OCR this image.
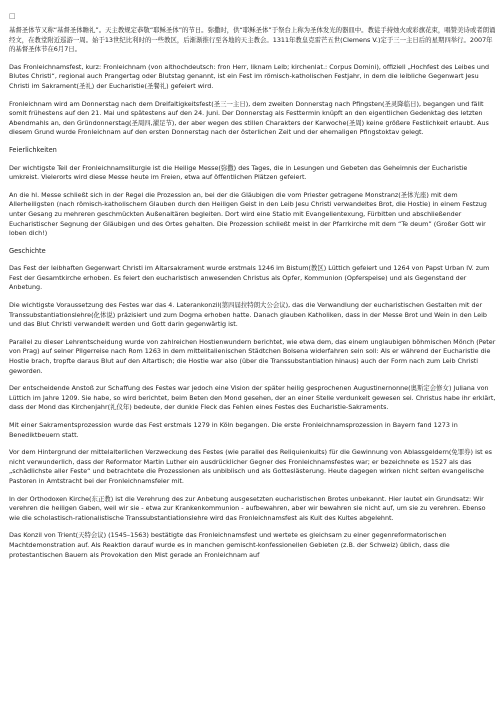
□

基督圣体节又称“基督圣体瞻礼”。天主教规定恭敬“耶稣圣体”的节日。弥撒时，供“耶稣圣体”于祭台上称为圣体发光的器皿中。教徒手持烛火或彩旗花束，唱赞美诗或者朗诵经文，在教堂附近巡游一周。始于13世纪比利时的一些教区，后渐渐推行至各地的天主教会。1311年教皇克雷芒五世(Clemens V.)定于三一主日后的星期四举行。2007年的基督圣体节在6月7日。

Das Fronleichnamsfest, kurz: Fronleichnam (von althochdeutsch: fron Herr, liknam Leib; kirchenlat.: Corpus Domini), offiziell „Hochfest des Leibes und Blutes Christi“, regional auch Prangertag oder Blutstag genannt, ist ein Fest im römisch-katholischen Festjahr, in dem die leibliche Gegenwart Jesu Christi im Sakrament(圣礼) der Eucharistie(圣餐礼) gefeiert wird.

Fronleichnam wird am Donnerstag nach dem Dreifaltigkeitsfest(圣三一主日), dem zweiten Donnerstag nach Pfingsten(圣灵降临日), begangen und fällt somit frühestens auf den 21. Mai und spätestens auf den 24. Juni. Der Donnerstag als Festtermin knüpft an den eigentlichen Gedenktag des letzten Abendmahls an, den Gründonnerstag(圣周四,濯足节), der aber wegen des stillen Charakters der Karwoche(圣周) keine größere Festlichkeit erlaubt. Aus diesem Grund wurde Fronleichnam auf den ersten Donnerstag nach der österlichen Zeit und der ehemaligen Pfingstoktav gelegt.

Feierlichkeiten

Der wichtigste Teil der Fronleichnamsliturgie ist die Heilige Messe(弥撒) des Tages, die in Lesungen und Gebeten das Geheimnis der Eucharistie umkreist. Vielerorts wird diese Messe heute im Freien, etwa auf öffentlichen Plätzen gefeiert.

An die hl. Messe schließt sich in der Regel die Prozession an, bei der die Gläubigen die vom Priester getragene Monstranz(圣体光座) mit dem Allerheiligsten (nach römisch-katholischem Glauben durch den Heiligen Geist in den Leib Jesu Christi verwandeltes Brot, die Hostie) in einem Festzug unter Gesang zu mehreren geschmückten Außenaltären begleiten. Dort wird eine Statio mit Evangelientexung, Fürbitten und abschließender Eucharistischer Segnung der Gläubigen und des Ortes gehalten. Die Prozession schließt meist in der Pfarrkirche mit dem “Te deum” (Großer Gott wir loben dich!)

Geschichte

Das Fest der leibhaften Gegenwart Christi im Altarsakrament wurde erstmals 1246 im Bistum(教区) Lüttich gefeiert und 1264 von Papst Urban IV. zum Fest der Gesamtkirche erhoben. Es feiert den eucharistisch anwesenden Christus als Opfer, Kommunion (Opferspeise) und als Gegenstand der Anbetung.

Die wichtigste Voraussetzung des Festes war das 4. Laterankonzil(第四届拉特朗大公会议), das die Verwandlung der eucharistischen Gestalten mit der Transsubstantiationslehre(化体说) präzisiert und zum Dogma erhoben hatte. Danach glauben Katholiken, dass in der Messe Brot und Wein in den Leib und das Blut Christi verwandelt werden und Gott darin gegenwärtig ist.

Parallel zu dieser Lehrentscheidung wurde von zahlreichen Hostienwundern berichtet, wie etwa dem, das einem unglaubigen böhmischen Mönch (Peter von Prag) auf seiner Pilgerreise nach Rom 1263 in dem mittelitalienischen Städtchen Bolsena widerfahren sein soll: Als er während der Eucharistie die Hostie brach, tropfte daraus Blut auf den Altartisch; die Hostie war also (über die Transsubstantiation hinaus) auch der Form nach zum Leib Christi geworden.

Der entscheidende Anstoß zur Schaffung des Festes war jedoch eine Vision der später heilig gesprochenen Augustinernonne(奥斯定会修女) Juliana von Lüttich im Jahre 1209. Sie habe, so wird berichtet, beim Beten den Mond gesehen, der an einer Stelle verdunkelt gewesen sei. Christus habe ihr erklärt, dass der Mond das Kirchenjahr(礼仪年) bedeute, der dunkle Fleck das Fehlen eines Festes des Eucharistie-Sakraments.

Mit einer Sakramentsprozession wurde das Fest erstmals 1279 in Köln begangen. Die erste Fronleichnamsprozession in Bayern fand 1273 in Benediktbeuern statt.

Vor dem Hintergrund der mittelalterlichen Verzweckung des Festes (wie parallel des Reliquienkults) für die Gewinnung von Ablassgeldern(免罪券) ist es nicht verwunderlich, dass der Reformator Martin Luther ein ausdrücklicher Gegner des Fronleichnamsfestes war; er bezeichnete es 1527 als das „schädlichste aller Feste“ und betrachtete die Prozessionen als unbiblisch und als Gotteslästerung. Heute dagegen wirken nicht selten evangelische Pastoren in Amtstracht bei der Fronleichnamsfeier mit.

In der Orthodoxen Kirche(东正教) ist die Verehrung des zur Anbetung ausgesetzten eucharistischen Brotes unbekannt. Hier lautet ein Grundsatz: Wir verehren die heiligen Gaben, weil wir sie - etwa zur Krankenkommunion - aufbewahren, aber wir bewahren sie nicht auf, um sie zu verehren. Ebenso wie die scholastisch-rationalistische Transsubstantiationslehre wird das Fronleichnamsfest als Kult des Kultes abgelehnt.

Das Konzil von Trient(天特会议) (1545–1563) bestätigte das Fronleichnamsfest und wertete es gleichsam zu einer gegenreformatorischen Machtdemonstration auf. Als Reaktion darauf wurde es in manchen gemischt-konfessionellen Gebieten (z.B. der Schweiz) üblich, dass die protestantischen Bauern als Provokation den Mist gerade an Fronleichnam auf
